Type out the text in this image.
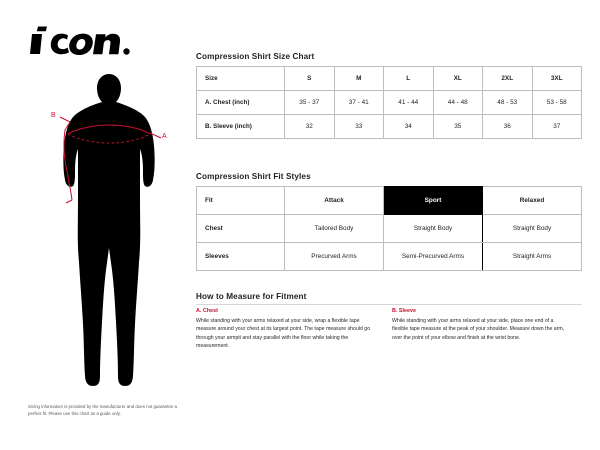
A
B
Sizing information is provided by the manufacturer and does not guarantee a perfect fit. Please use this chart as a guide only.
Compression Shirt Size Chart
Size	S	M	L	XL	2XL	3XL
A. Chest (inch)	35 - 37	37 - 41	41 - 44	44 - 48	48 - 53	53 - 58
B. Sleeve (inch)	32	33	34	35	36	37
Compression Shirt Fit Styles
Fit	Attack	Sport	Relaxed
Chest	Tailored Body	Straight Body	Straight Body
Sleeves	Precurved Arms	Semi-Precurved Arms	Straight Arms
How to Measure for Fitment
A. Chest
While standing with your arms relaxed at your side, wrap a flexible tape measure around your chest at its largest point. The tape measure should go through your armpit and stay parallel with the floor while taking the measurement.
B. Sleeve
While standing with your arms relaxed at your side, place one end of a flexible tape measure at the peak of your shoulder. Measure down the arm, over the point of your elbow and finish at the wrist bone.
